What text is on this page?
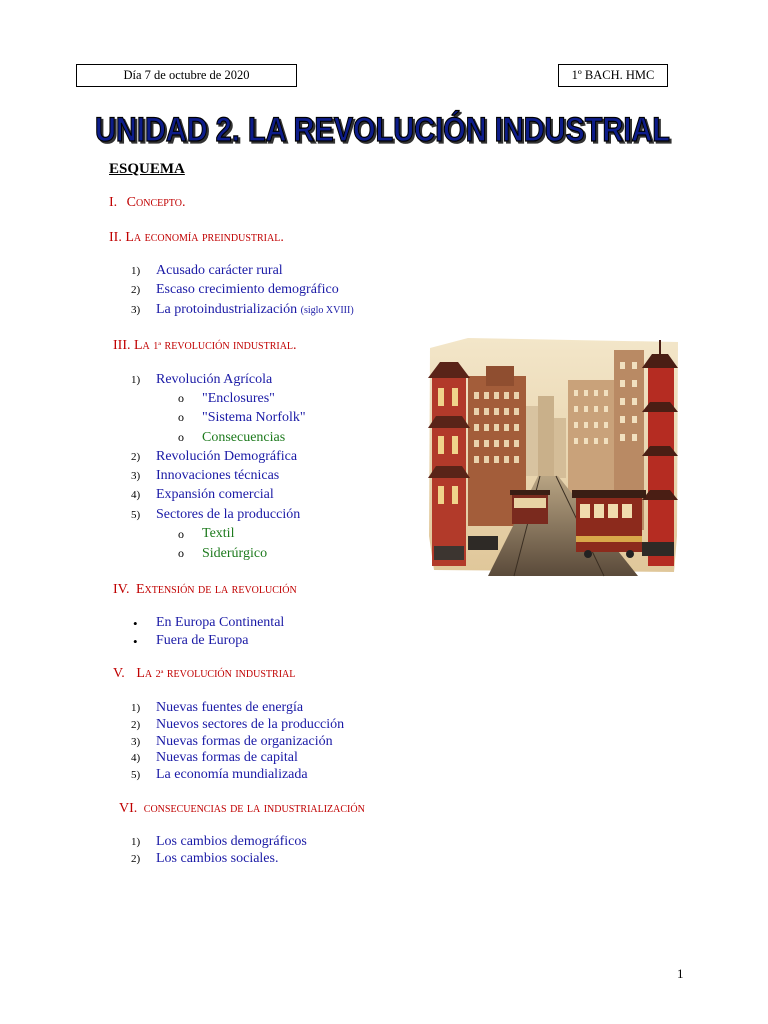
Día 7 de octubre de 2020	1º BACH. HMC
UNIDAD 2. LA REVOLUCIÓN INDUSTRIAL
ESQUEMA
I. Concepto.
II. La economía preindustrial.
1) Acusado carácter rural
2) Escaso crecimiento demográfico
3) La protoindustrialización (siglo XVIII)
III. La 1ª revolución industrial.
1) Revolución Agrícola
o "Enclosures"
o "Sistema Norfolk"
o Consecuencias
2) Revolución Demográfica
3) Innovaciones técnicas
4) Expansión comercial
5) Sectores de la producción
o Textil
o Siderúrgico
IV. Extensión de la revolución
• En Europa Continental
• Fuera de Europa
V. La 2ª revolución industrial
1) Nuevas fuentes de energía
2) Nuevos sectores de la producción
3) Nuevas formas de organización
4) Nuevas formas de capital
5) La economía mundializada
VI. consecuencias de la industrialización
1) Los cambios demográficos
2) Los cambios sociales.
1
